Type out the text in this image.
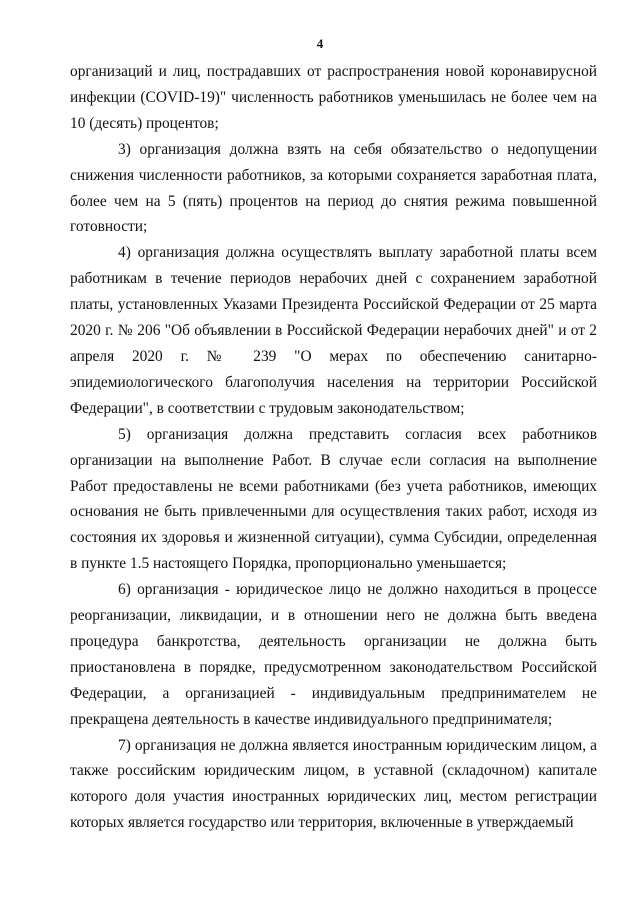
4

организаций и лиц, пострадавших от распространения новой коронавирусной инфекции (COVID-19)" численность работников уменьшилась не более чем на 10 (десять) процентов;

3) организация должна взять на себя обязательство о недопущении снижения численности работников, за которыми сохраняется заработная плата, более чем на 5 (пять) процентов на период до снятия режима повышенной готовности;

4) организация должна осуществлять выплату заработной платы всем работникам в течение периодов нерабочих дней с сохранением заработной платы, установленных Указами Президента Российской Федерации от 25 марта 2020 г. № 206 "Об объявлении в Российской Федерации нерабочих дней" и от 2 апреля 2020 г. № 239 "О мерах по обеспечению санитарно-эпидемиологического благополучия населения на территории Российской Федерации", в соответствии с трудовым законодательством;

5) организация должна представить согласия всех работников организации на выполнение Работ. В случае если согласия на выполнение Работ предоставлены не всеми работниками (без учета работников, имеющих основания не быть привлеченными для осуществления таких работ, исходя из состояния их здоровья и жизненной ситуации), сумма Субсидии, определенная в пункте 1.5 настоящего Порядка, пропорционально уменьшается;

6) организация - юридическое лицо не должно находиться в процессе реорганизации, ликвидации, и в отношении него не должна быть введена процедура банкротства, деятельность организации не должна быть приостановлена в порядке, предусмотренном законодательством Российской Федерации, а организацией - индивидуальным предпринимателем не прекращена деятельность в качестве индивидуального предпринимателя;

7) организация не должна является иностранным юридическим лицом, а также российским юридическим лицом, в уставной (складочном) капитале которого доля участия иностранных юридических лиц, местом регистрации которых является государство или территория, включенные в утверждаемый
